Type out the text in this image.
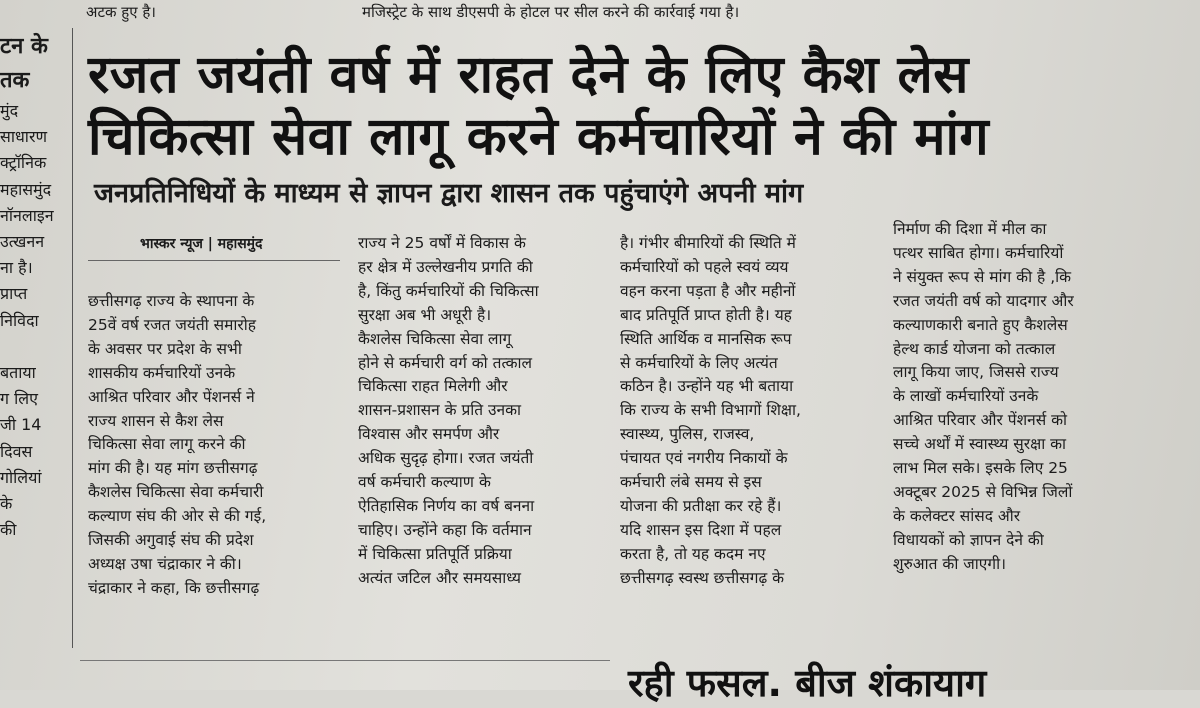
अटक हुए है।	मजिस्ट्रेट के साथ डीएसपी के होटल पर सील करने की कार्रवाई गया है।
टन के
तक
मुंद
साधारण
क्ट्रॉनिक
महासमुंद
नॉनलाइन
उत्खनन
ना है।
प्राप्त
निविदा

बताया
ग लिए
जी 14
दिवस
गोलियां
के
की
रजत जयंती वर्ष में राहत देने के लिए कैश लेस
चिकित्सा सेवा लागू करने कर्मचारियों ने की मांग
जनप्रतिनिधियों के माध्यम से ज्ञापन द्वारा शासन तक पहुंचाएंगे अपनी मांग
भास्कर न्यूज | महासमुंद
छत्तीसगढ़ राज्य के स्थापना के
25वें वर्ष रजत जयंती समारोह
के अवसर पर प्रदेश के सभी
शासकीय कर्मचारियों उनके
आश्रित परिवार और पेंशनर्स ने
राज्य शासन से कैश लेस
चिकित्सा सेवा लागू करने की
मांग की है। यह मांग छत्तीसगढ़
कैशलेस चिकित्सा सेवा कर्मचारी
कल्याण संघ की ओर से की गई,
जिसकी अगुवाई संघ की प्रदेश
अध्यक्ष उषा चंद्राकार ने की।
चंद्राकार ने कहा, कि छत्तीसगढ़
राज्य ने 25 वर्षों में विकास के
हर क्षेत्र में उल्लेखनीय प्रगति की
है, किंतु कर्मचारियों की चिकित्सा
सुरक्षा अब भी अधूरी है।
कैशलेस चिकित्सा सेवा लागू
होने से कर्मचारी वर्ग को तत्काल
चिकित्सा राहत मिलेगी और
शासन-प्रशासन के प्रति उनका
विश्वास और समर्पण और
अधिक सुदृढ़ होगा। रजत जयंती
वर्ष कर्मचारी कल्याण के
ऐतिहासिक निर्णय का वर्ष बनना
चाहिए। उन्होंने कहा कि वर्तमान
में चिकित्सा प्रतिपूर्ति प्रक्रिया
अत्यंत जटिल और समयसाध्य
है। गंभीर बीमारियों की स्थिति में
कर्मचारियों को पहले स्वयं व्यय
वहन करना पड़ता है और महीनों
बाद प्रतिपूर्ति प्राप्त होती है। यह
स्थिति आर्थिक व मानसिक रूप
से कर्मचारियों के लिए अत्यंत
कठिन है। उन्होंने यह भी बताया
कि राज्य के सभी विभागों शिक्षा,
स्वास्थ्य, पुलिस, राजस्व,
पंचायत एवं नगरीय निकायों के
कर्मचारी लंबे समय से इस
योजना की प्रतीक्षा कर रहे हैं।
यदि शासन इस दिशा में पहल
करता है, तो यह कदम नए
छत्तीसगढ़ स्वस्थ छत्तीसगढ़ के
निर्माण की दिशा में मील का
पत्थर साबित होगा। कर्मचारियों
ने संयुक्त रूप से मांग की है ,कि
रजत जयंती वर्ष को यादगार और
कल्याणकारी बनाते हुए कैशलेस
हेल्थ कार्ड योजना को तत्काल
लागू किया जाए, जिससे राज्य
के लाखों कर्मचारियों उनके
आश्रित परिवार और पेंशनर्स को
सच्चे अर्थों में स्वास्थ्य सुरक्षा का
लाभ मिल सके। इसके लिए 25
अक्टूबर 2025 से विभिन्न जिलों
के कलेक्टर सांसद और
विधायकों को ज्ञापन देने की
शुरुआत की जाएगी।
रही फसल. बीज शंकायाग
